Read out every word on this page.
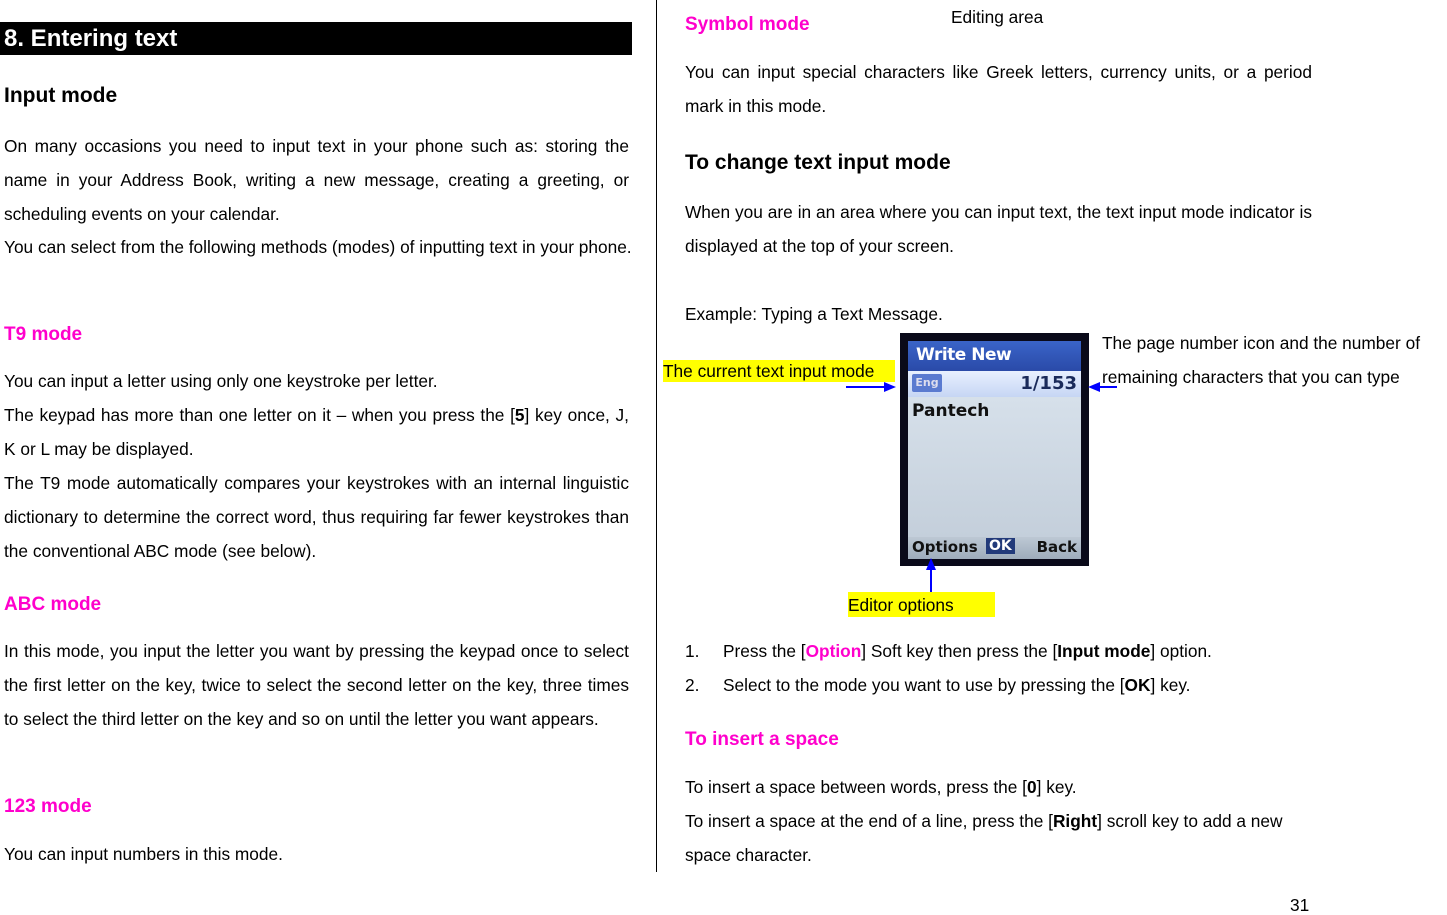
8. Entering text
Input mode

On many occasions you need to input text in your phone such as: storing the name in your Address Book, writing a new message, creating a greeting, or scheduling events on your calendar.

You can select from the following methods (modes) of inputting text in your phone.

T9 mode

You can input a letter using only one keystroke per letter.

The keypad has more than one letter on it – when you press the [5] key once, J, K or L may be displayed.

The T9 mode automatically compares your keystrokes with an internal linguistic dictionary to determine the correct word, thus requiring far fewer keystrokes than the conventional ABC mode (see below).

ABC mode

In this mode, you input the letter you want by pressing the keypad once to select the first letter on the key, twice to select the second letter on the key, three times to select the third letter on the key and so on until the letter you want appears.

123 mode

You can input numbers in this mode.

Symbol mode	Editing area

You can input special characters like Greek letters, currency units, or a period mark in this mode.

To change text input mode

When you are in an area where you can input text, the text input mode indicator is displayed at the top of your screen.

Example: Typing a Text Message.
The current text input mode
The page number icon and the number of
remaining characters that you can type
Editor options
Write New
Eng	1/153
Pantech
Options OK Back
1. Press the [Option] Soft key then press the [Input mode] option.
2. Select to the mode you want to use by pressing the [OK] key.
To insert a space

To insert a space between words, press the [0] key.

To insert a space at the end of a line, press the [Right] scroll key to add a new space character.

31
